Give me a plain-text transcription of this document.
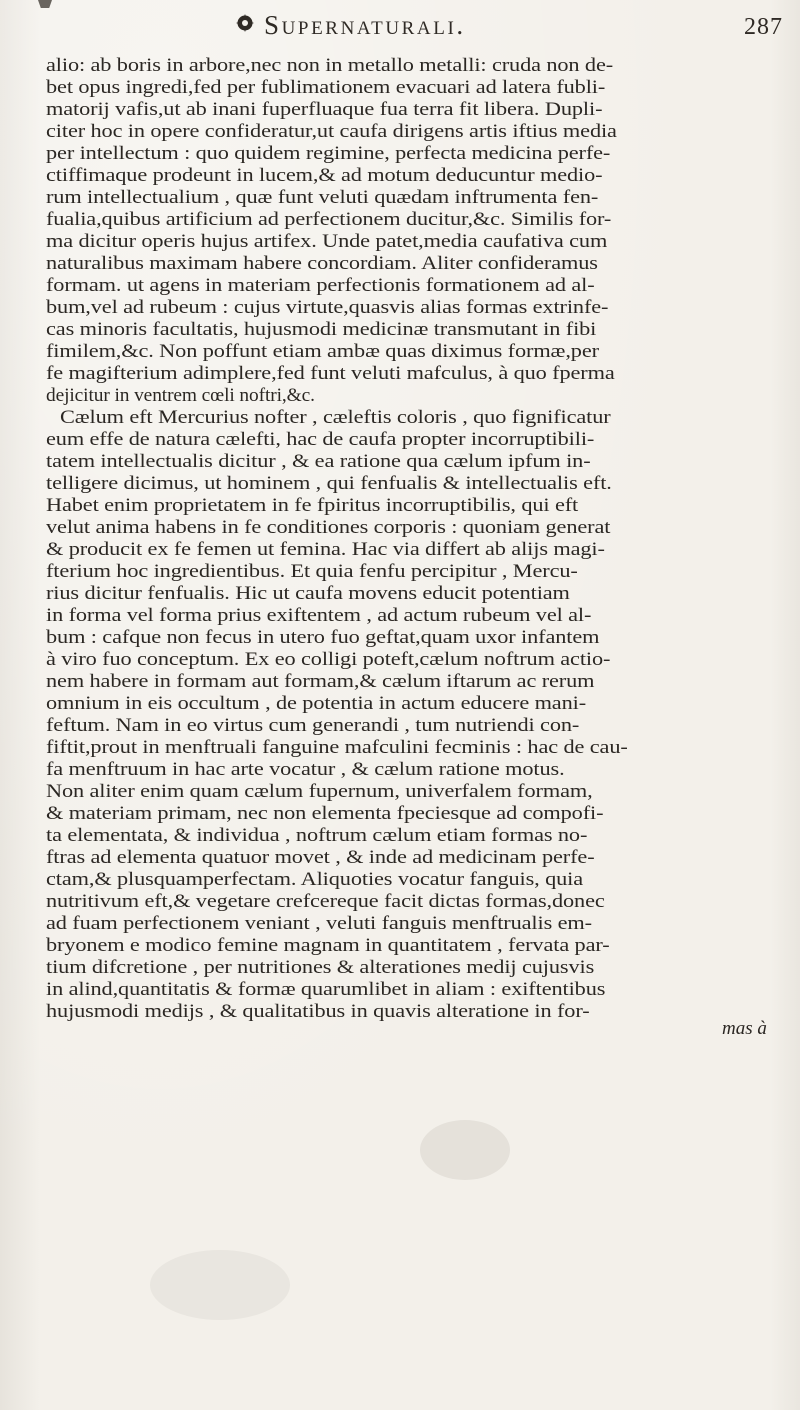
Supernaturali.	287
alio: ab boris in arbore,nec non in metallo metalli: cruda non de-
bet opus ingredi,fed per fublimationem evacuari ad latera fubli-
matorij vafis,ut ab inani fuperfluaque fua terra fit libera. Dupli-
citer hoc in opere confideratur,ut caufa dirigens artis iftius media
per intellectum : quo quidem regimine, perfecta medicina perfe-
ctiffimaque prodeunt in lucem,& ad motum deducuntur medio-
rum intellectualium , quæ funt veluti quædam inftrumenta fen-
fualia,quibus artificium ad perfectionem ducitur,&c. Similis for-
ma dicitur operis hujus artifex. Unde patet,media caufativa cum
naturalibus maximam habere concordiam. Aliter confideramus
formam. ut agens in materiam perfectionis formationem ad al-
bum,vel ad rubeum : cujus virtute,quasvis alias formas extrinfe-
cas minoris facultatis, hujusmodi medicinæ transmutant in fibi
fimilem,&c. Non poffunt etiam ambæ quas diximus formæ,per
fe magifterium adimplere,fed funt veluti mafculus, à quo fperma
dejicitur in ventrem cœli noftri,&c.
Cælum eft Mercurius nofter , cæleftis coloris , quo fignificatur
eum effe de natura cælefti, hac de caufa propter incorruptibili-
tatem intellectualis dicitur , & ea ratione qua cælum ipfum in-
telligere dicimus, ut hominem , qui fenfualis & intellectualis eft.
Habet enim proprietatem in fe fpiritus incorruptibilis, qui eft
velut anima habens in fe conditiones corporis : quoniam generat
& producit ex fe femen ut femina. Hac via differt ab alijs magi-
fterium hoc ingredientibus. Et quia fenfu percipitur , Mercu-
rius dicitur fenfualis. Hic ut caufa movens educit potentiam
in forma vel forma prius exiftentem , ad actum rubeum vel al-
bum : cafque non fecus in utero fuo geftat,quam uxor infantem
à viro fuo conceptum. Ex eo colligi poteft,cælum noftrum actio-
nem habere in formam aut formam,& cælum iftarum ac rerum
omnium in eis occultum , de potentia in actum educere mani-
feftum. Nam in eo virtus cum generandi , tum nutriendi con-
fiftit,prout in menftruali fanguine mafculini fecminis : hac de cau-
fa menftruum in hac arte vocatur , & cælum ratione motus.
Non aliter enim quam cælum fupernum, univerfalem formam,
& materiam primam, nec non elementa fpeciesque ad compofi-
ta elementata, & individua , noftrum cælum etiam formas no-
ftras ad elementa quatuor movet , & inde ad medicinam perfe-
ctam,& plusquamperfectam. Aliquoties vocatur fanguis, quia
nutritivum eft,& vegetare crefcereque facit dictas formas,donec
ad fuam perfectionem veniant , veluti fanguis menftrualis em-
bryonem e modico femine magnam in quantitatem , fervata par-
tium difcretione , per nutritiones & alterationes medij cujusvis
in alind,quantitatis & formæ quarumlibet in aliam : exiftentibus
hujusmodi medijs , & qualitatibus in quavis alteratione in for-
mas à
